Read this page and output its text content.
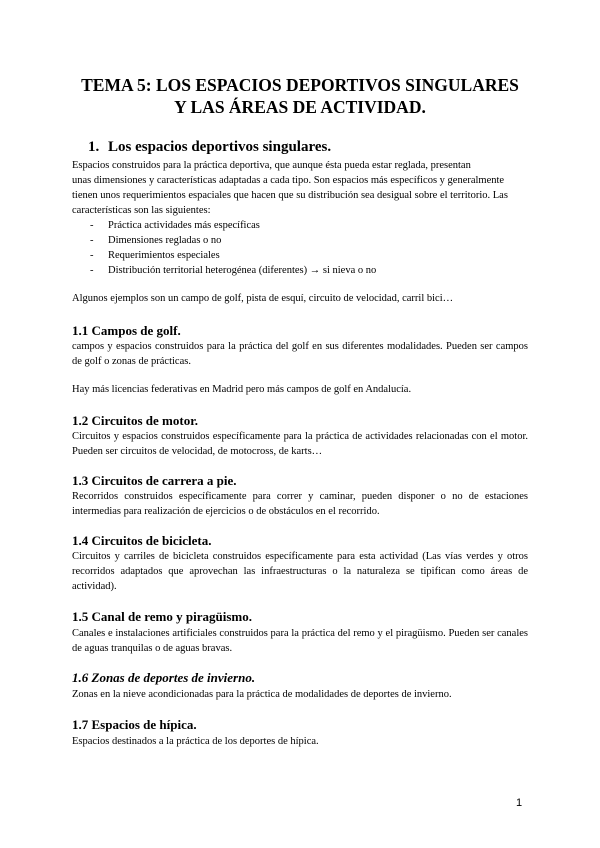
TEMA 5: LOS ESPACIOS DEPORTIVOS SINGULARES
Y LAS ÁREAS DE ACTIVIDAD.
1. Los espacios deportivos singulares.

Espacios construidos para la práctica deportiva, que aunque ésta pueda estar reglada, presentan
unas dimensiones y características adaptadas a cada tipo. Son espacios más específicos y generalmente tienen unos requerimientos espaciales que hacen que su distribución sea desigual sobre el territorio. Las características son las siguientes:

- Práctica actividades más específicas
- Dimensiones regladas o no
- Requerimientos especiales
- Distribución territorial heterogénea (diferentes) → si nieva o no

Algunos ejemplos son un campo de golf, pista de esquí, circuito de velocidad, carril bici…

1.1 Campos de golf.

campos y espacios construidos para la práctica del golf en sus diferentes modalidades. Pueden ser campos de golf o zonas de prácticas.

Hay más licencias federativas en Madrid pero más campos de golf en Andalucía.

1.2 Circuitos de motor.

Circuitos y espacios construidos específicamente para la práctica de actividades relacionadas con el motor. Pueden ser circuitos de velocidad, de motocross, de karts…

1.3 Circuitos de carrera a pie.

Recorridos construidos específicamente para correr y caminar, pueden disponer o no de estaciones intermedias para realización de ejercicios o de obstáculos en el recorrido.

1.4 Circuitos de bicicleta.

Circuitos y carriles de bicicleta construidos específicamente para esta actividad (Las vías verdes y otros recorridos adaptados que aprovechan las infraestructuras o la naturaleza se tipifican como áreas de actividad).

1.5 Canal de remo y piragüismo.

Canales e instalaciones artificiales construidos para la práctica del remo y el piragüismo. Pueden ser canales de aguas tranquilas o de aguas bravas.

1.6 Zonas de deportes de invierno.

Zonas en la nieve acondicionadas para la práctica de modalidades de deportes de invierno.

1.7 Espacios de hípica.

Espacios destinados a la práctica de los deportes de hípica.

1
